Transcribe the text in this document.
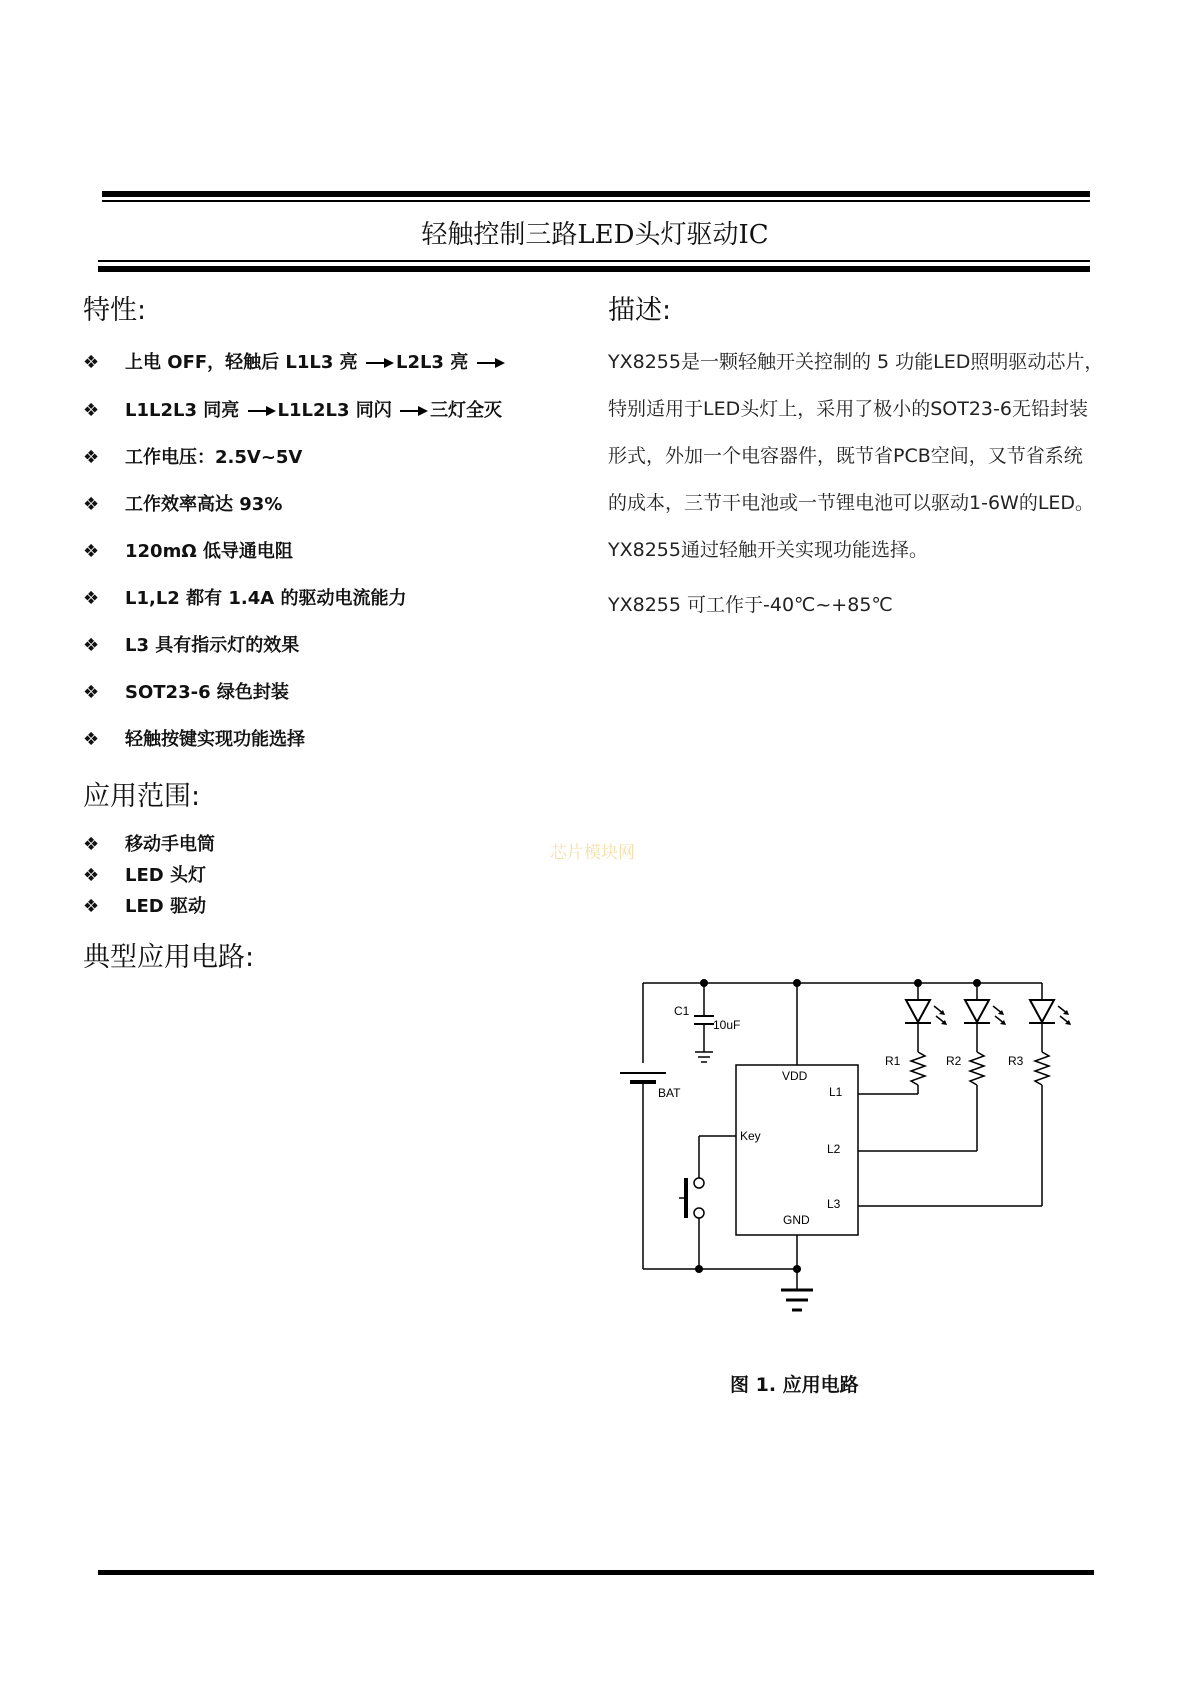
轻触控制三路LED头灯驱动IC
特性:
❖ 上电 OFF，轻触后 L1L3 亮 L2L3 亮
❖ L1L2L3 同亮 L1L2L3 同闪 三灯全灭
❖ 工作电压：2.5V~5V
❖ 工作效率高达 93%
❖ 120mΩ 低导通电阻
❖ L1,L2 都有 1.4A 的驱动电流能力
❖ L3 具有指示灯的效果
❖ SOT23-6 绿色封装
❖ 轻触按键实现功能选择
描述:
YX8255是一颗轻触开关控制的 5 功能LED照明驱动芯片，
特别适用于LED头灯上，采用了极小的SOT23-6无铅封装
形式，外加一个电容器件，既节省PCB空间，又节省系统
的成本，三节干电池或一节锂电池可以驱动1-6W的LED。
YX8255通过轻触开关实现功能选择。
YX8255 可工作于-40℃~+85℃
应用范围:
❖ 移动手电筒
❖ LED 头灯
❖ LED 驱动
芯片模块网
典型应用电路:
C1
10uF
BAT
VDD
GND
Key
L1
L2
L3
R1	R2	R3
图 1. 应用电路
